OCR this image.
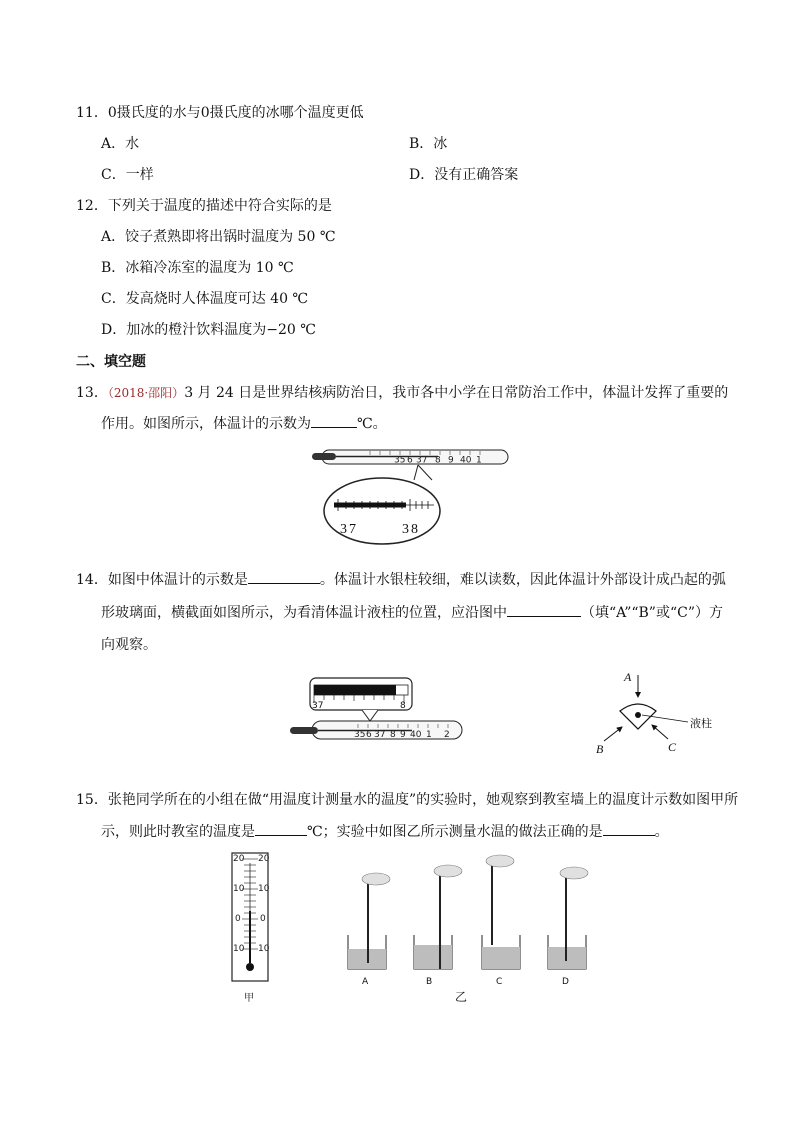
11．0摄氏度的水与0摄氏度的冰哪个温度更低
A．水	B．冰
C．一样	D．没有正确答案
12．下列关于温度的描述中符合实际的是
A．饺子煮熟即将出锅时温度为 50 ℃
B．冰箱冷冻室的温度为 10 ℃
C．发高烧时人体温度可达 40 ℃
D．加冰的橙汁饮料温度为−20 ℃
二、填空题
13．（2018·邵阳）3 月 24 日是世界结核病防治日，我市各中小学在日常防治工作中，体温计发挥了重要的
作用。如图所示，体温计的示数为	℃。
35 6 37 8 9 40 1
37	38
14．如图中体温计的示数是	。体温计水银柱较细，难以读数，因此体温计外部设计成凸起的弧
形玻璃面，横截面如图所示，为看清体温计液柱的位置，应沿图中	（填“A”“B”或“C”）方
向观察。
37	8
35 6 37 8 9 40 1 2
A
液柱
B	C
15．张艳同学所在的小组在做“用温度计测量水的温度”的实验时，她观察到教室墙上的温度计示数如图甲所
示，则此时教室的温度是	℃；实验中如图乙所示测量水温的做法正确的是	。
20 20
10 10
0 0
10 10
甲
A	B	C	D
乙
